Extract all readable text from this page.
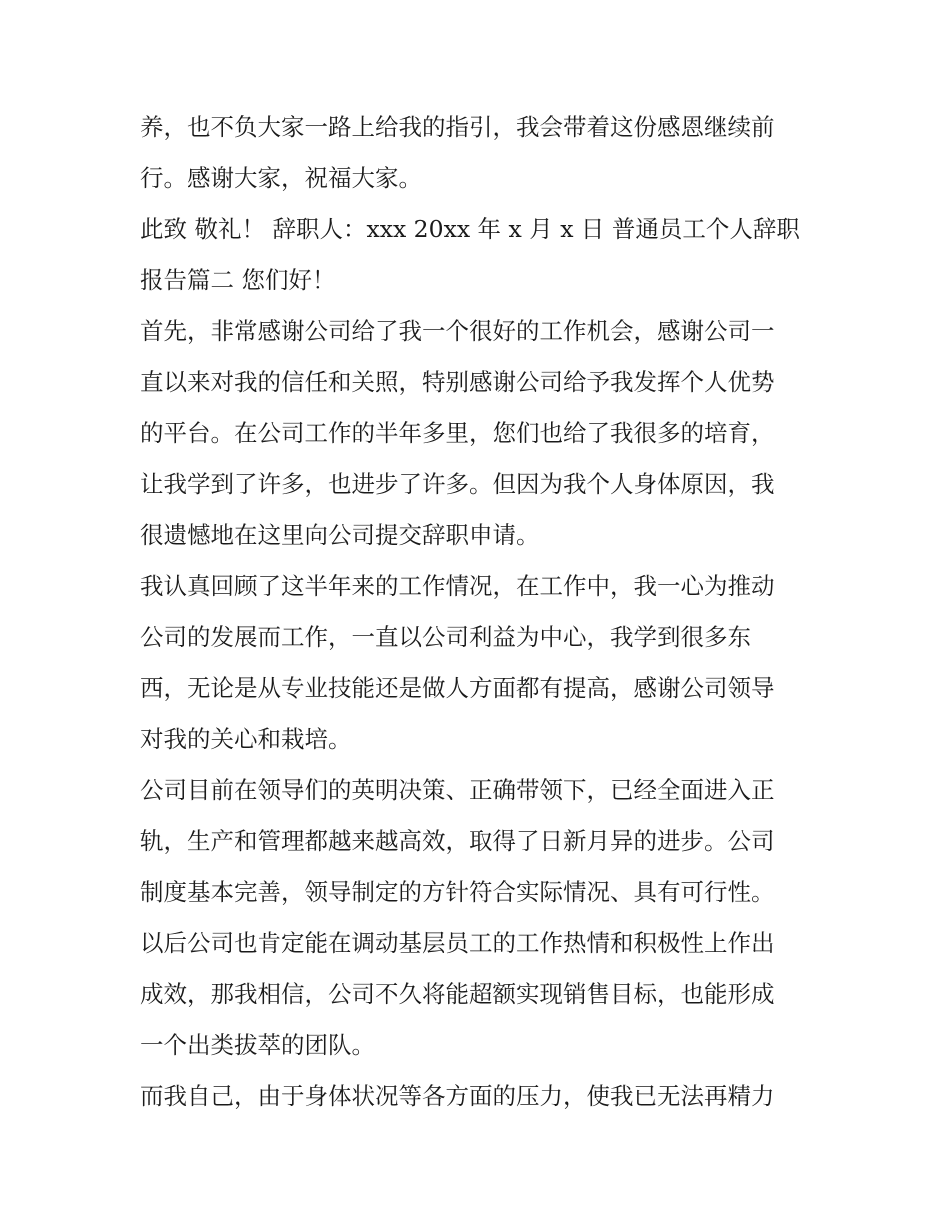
养，也不负大家一路上给我的指引，我会带着这份感恩继续前
行。感谢大家，祝福大家。
此致 敬礼！ 辞职人：xxx 20xx 年 x 月 x 日 普通员工个人辞职
报告篇二 您们好！
首先，非常感谢公司给了我一个很好的工作机会，感谢公司一
直以来对我的信任和关照，特别感谢公司给予我发挥个人优势
的平台。在公司工作的半年多里，您们也给了我很多的培育，
让我学到了许多，也进步了许多。但因为我个人身体原因，我
很遗憾地在这里向公司提交辞职申请。
我认真回顾了这半年来的工作情况，在工作中，我一心为推动
公司的发展而工作，一直以公司利益为中心，我学到很多东
西，无论是从专业技能还是做人方面都有提高，感谢公司领导
对我的关心和栽培。
公司目前在领导们的英明决策、正确带领下，已经全面进入正
轨，生产和管理都越来越高效，取得了日新月异的进步。公司
制度基本完善，领导制定的方针符合实际情况、具有可行性。
以后公司也肯定能在调动基层员工的工作热情和积极性上作出
成效，那我相信，公司不久将能超额实现销售目标，也能形成
一个出类拔萃的团队。
而我自己，由于身体状况等各方面的压力，使我已无法再精力
